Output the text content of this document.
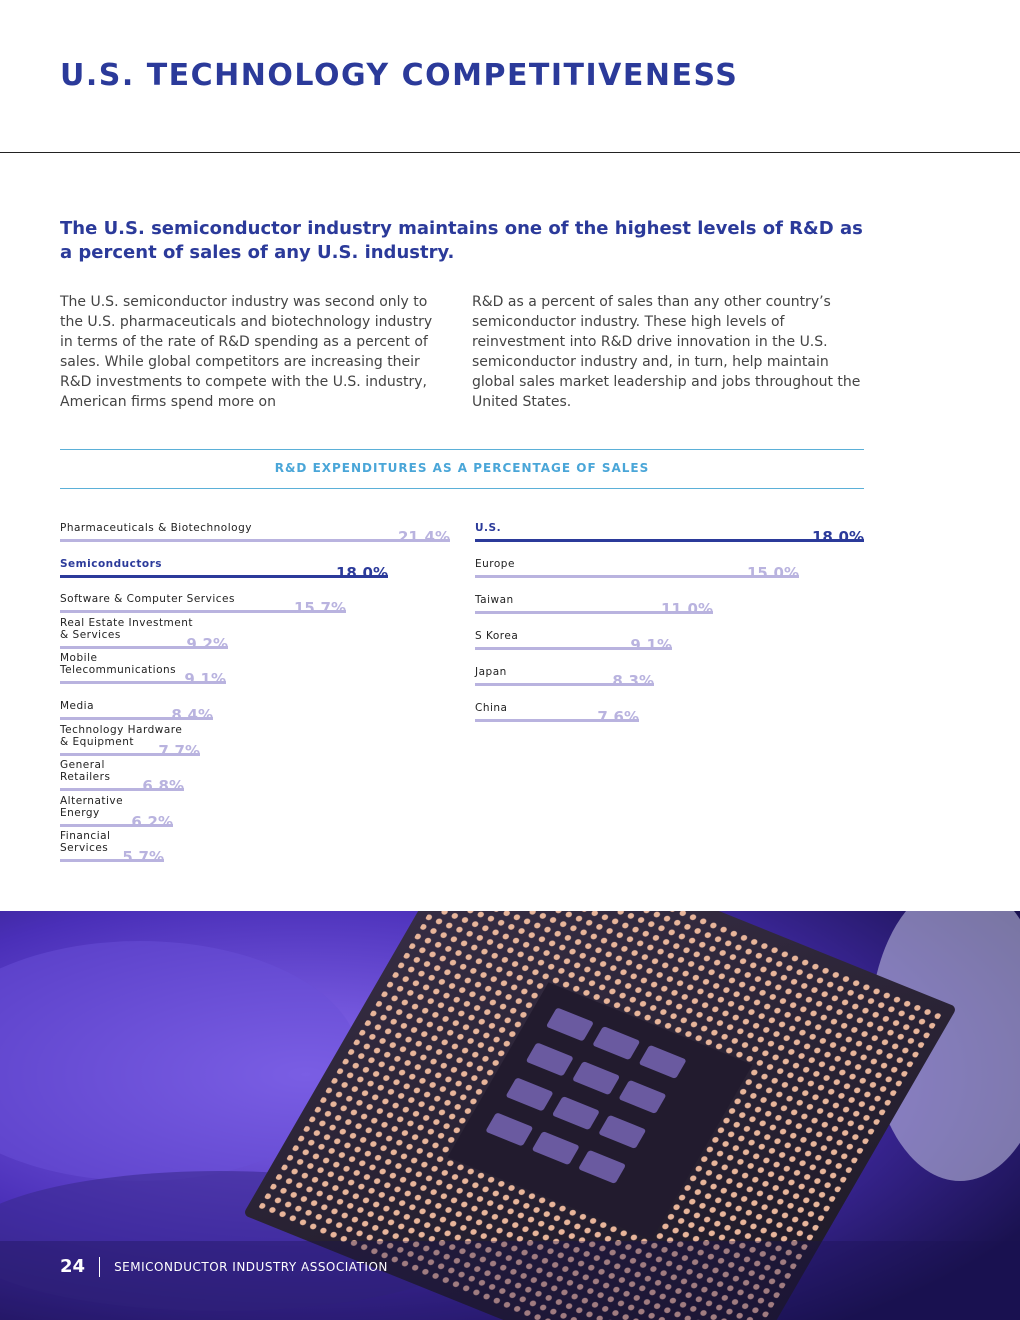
U.S. TECHNOLOGY COMPETITIVENESS
The U.S. semiconductor industry maintains one of the highest levels of R&D as a percent of sales of any U.S. industry.

The U.S. semiconductor industry was second only to the U.S. pharmaceuticals and biotechnology industry in terms of the rate of R&D spending as a percent of sales. While global competitors are increasing their R&D investments to compete with the U.S. industry, American firms spend more on

R&D as a percent of sales than any other country’s semiconductor industry. These high levels of reinvestment into R&D drive innovation in the U.S. semiconductor industry and, in turn, help maintain global sales market leadership and jobs throughout the United States.

R&D EXPENDITURES AS A PERCENTAGE OF SALES
Pharmaceuticals & Biotechnology	21.4%
Semiconductors	18.0%
Software & Computer Services	15.7%
Real Estate Investment
& Services	9.2%
Mobile
Telecommunications 9.1%
Media	8.4%
Technology Hardware
& Equipment	7.7%
General
Retailers 6.8%
Alternative
Energy	6.2%
Financial
Services 5.7%
U.S.	18.0%
Europe	15.0%
Taiwan	11.0%
S Korea	9.1%
Japan	8.3%
China	7.6%
24 SEMICONDUCTOR INDUSTRY ASSOCIATION
